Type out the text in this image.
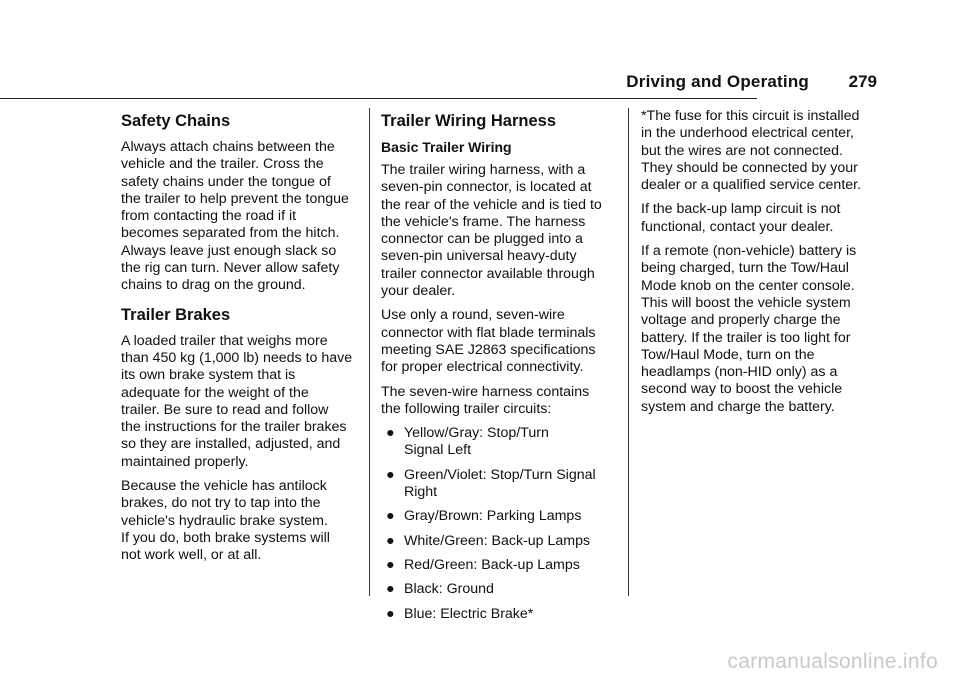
Driving and Operating 279
Safety Chains

Always attach chains between the
vehicle and the trailer. Cross the
safety chains under the tongue of
the trailer to help prevent the tongue
from contacting the road if it
becomes separated from the hitch.
Always leave just enough slack so
the rig can turn. Never allow safety
chains to drag on the ground.

Trailer Brakes

A loaded trailer that weighs more
than 450 kg (1,000 lb) needs to have
its own brake system that is
adequate for the weight of the
trailer. Be sure to read and follow
the instructions for the trailer brakes
so they are installed, adjusted, and
maintained properly.

Because the vehicle has antilock
brakes, do not try to tap into the
vehicle's hydraulic brake system.
If you do, both brake systems will
not work well, or at all.

Trailer Wiring Harness
Basic Trailer Wiring

The trailer wiring harness, with a
seven-pin connector, is located at
the rear of the vehicle and is tied to
the vehicle's frame. The harness
connector can be plugged into a
seven-pin universal heavy-duty
trailer connector available through
your dealer.

Use only a round, seven-wire
connector with flat blade terminals
meeting SAE J2863 specifications
for proper electrical connectivity.

The seven-wire harness contains
the following trailer circuits:

● Yellow/Gray: Stop/Turn
Signal Left
● Green/Violet: Stop/Turn Signal
Right
● Gray/Brown: Parking Lamps
● White/Green: Back-up Lamps
● Red/Green: Back-up Lamps
● Black: Ground
● Blue: Electric Brake*

*The fuse for this circuit is installed
in the underhood electrical center,
but the wires are not connected.
They should be connected by your
dealer or a qualified service center.

If the back-up lamp circuit is not
functional, contact your dealer.

If a remote (non-vehicle) battery is
being charged, turn the Tow/Haul
Mode knob on the center console.
This will boost the vehicle system
voltage and properly charge the
battery. If the trailer is too light for
Tow/Haul Mode, turn on the
headlamps (non-HID only) as a
second way to boost the vehicle
system and charge the battery.

carmanualsonline.info
